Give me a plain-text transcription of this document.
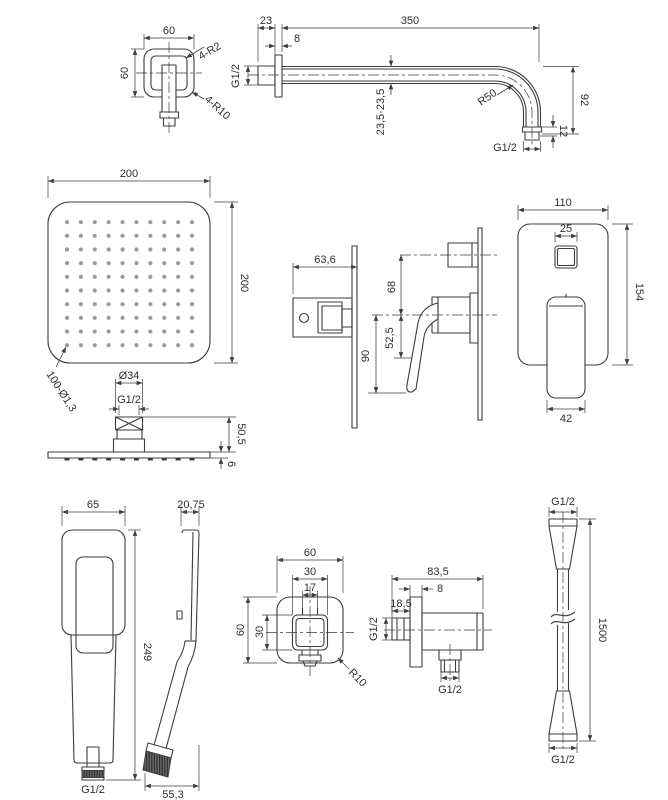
60
60
4-R2
4-R10
23	350
8
G1/2
23,5·23,5	R50	92
12
G1/2
200
200
100-Ø1,3	Ø34
G1/2
50,5
6
63,6
68
52,5
90
110
25
154
42
65
249
G1/2
20,75
55,3
60
30
17
60 30
R10
83,5
8
18,5
G1/2
G1/2
G1/2
1500
G1/2
